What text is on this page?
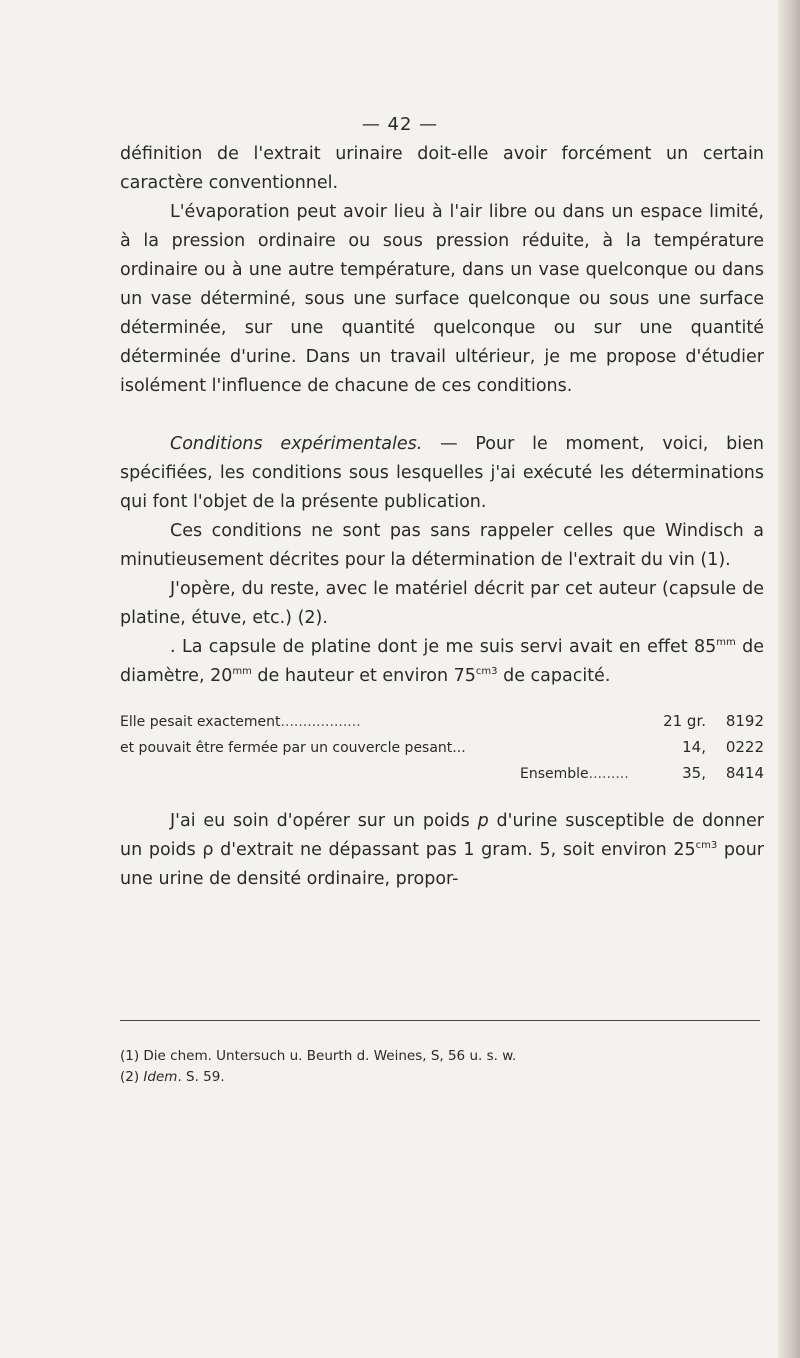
— 42 —

définition de l'extrait urinaire doit-elle avoir forcément un certain caractère conventionnel.

L'évaporation peut avoir lieu à l'air libre ou dans un espace limité, à la pression ordinaire ou sous pression réduite, à la température ordinaire ou à une autre température, dans un vase quelconque ou dans un vase déterminé, sous une surface quelconque ou sous une surface déterminée, sur une quantité quelconque ou sur une quantité déterminée d'urine. Dans un travail ultérieur, je me propose d'étudier isolément l'influence de chacune de ces conditions.

Conditions expérimentales. — Pour le moment, voici, bien spécifiées, les conditions sous lesquelles j'ai exécuté les déterminations qui font l'objet de la présente publication.

Ces conditions ne sont pas sans rappeler celles que Windisch a minutieusement décrites pour la détermination de l'extrait du vin (1).

J'opère, du reste, avec le matériel décrit par cet auteur (capsule de platine, étuve, etc.) (2).

. La capsule de platine dont je me suis servi avait en effet $85^{mm}$ de diamètre, $20^{mm}$ de hauteur et environ $75^{cm3}$ de capacité.

Elle pesait exactement..................	21 gr.	8192
et pouvait être fermée par un couvercle pesant...	14,	0222
Ensemble.........	35,	8414

J'ai eu soin d'opérer sur un poids p d'urine susceptible de donner un poids ρ d'extrait ne dépassant pas 1 gram. 5, soit environ $25^{cm3}$ pour une urine de densité ordinaire, propor-

(1) Die chem. Untersuch u. Beurth d. Weines, S, 56 u. s. w.

(2) Idem. S. 59.
